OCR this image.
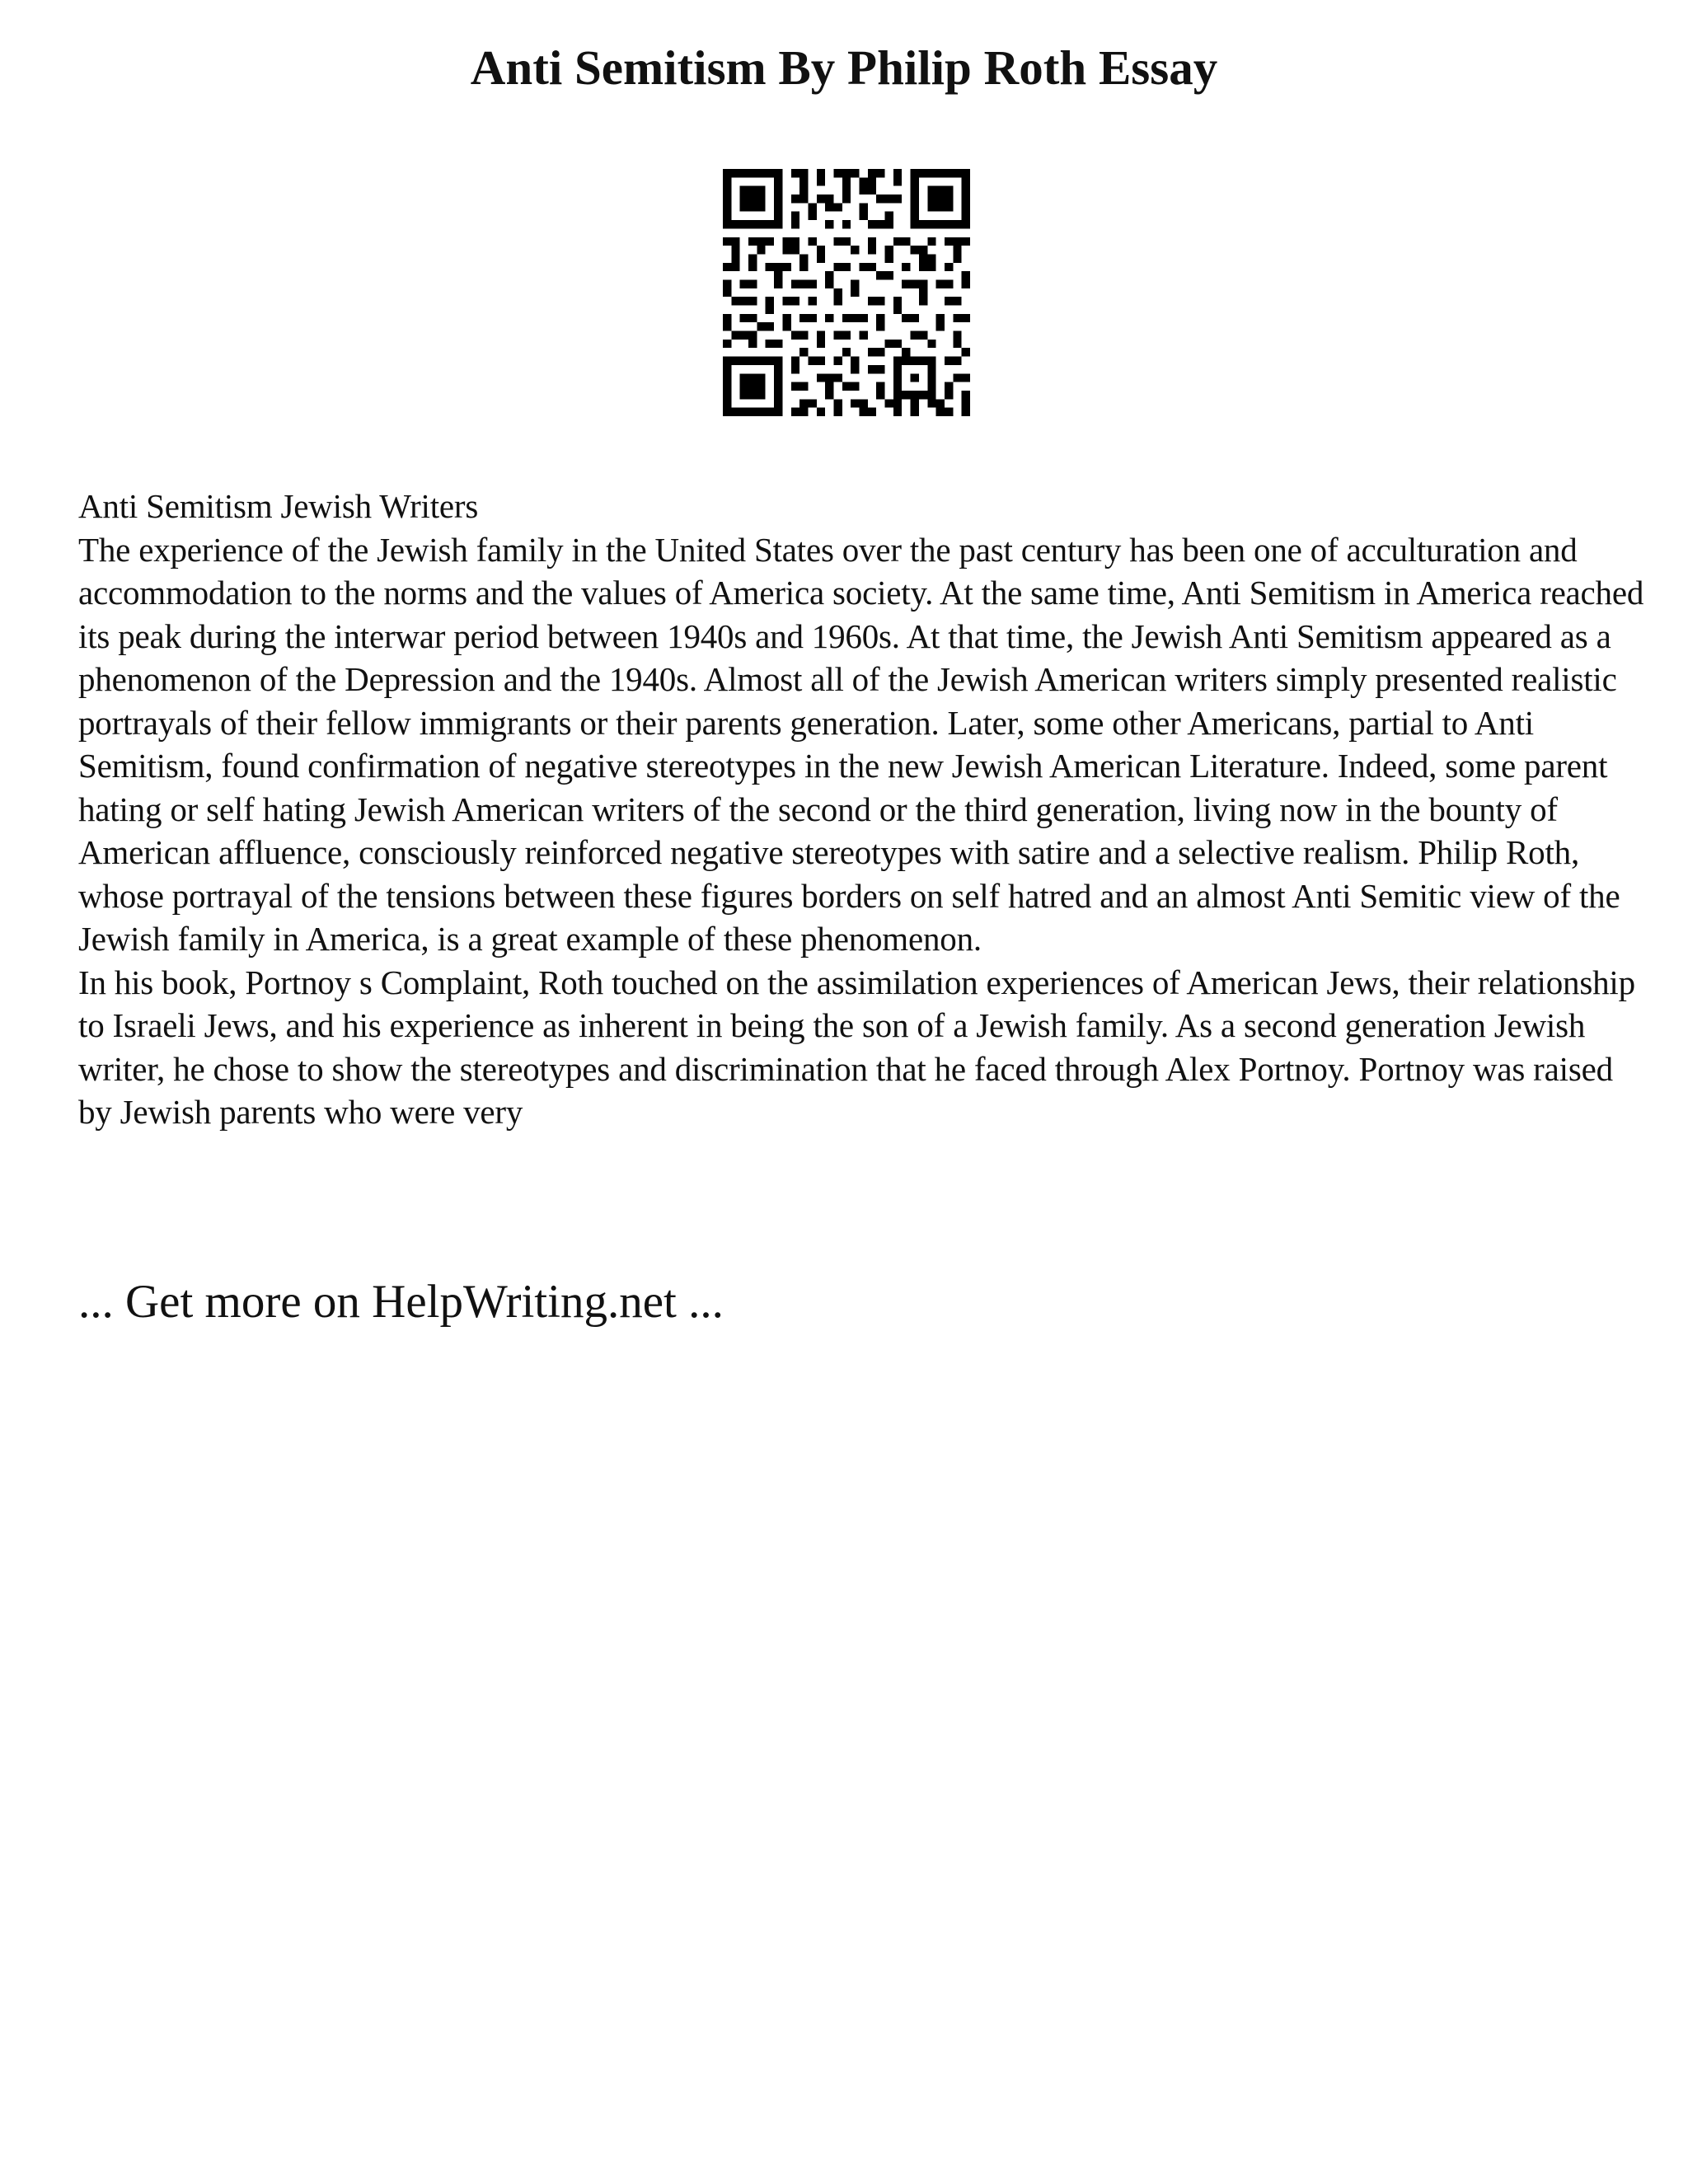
Anti Semitism By Philip Roth Essay

Anti Semitism Jewish Writers

The experience of the Jewish family in the United States over the past century has been one of acculturation and accommodation to the norms and the values of America society. At the same time, Anti Semitism in America reached its peak during the interwar period between 1940s and 1960s. At that time, the Jewish Anti Semitism appeared as a phenomenon of the Depression and the 1940s. Almost all of the Jewish American writers simply presented realistic portrayals of their fellow immigrants or their parents generation. Later, some other Americans, partial to Anti Semitism, found confirmation of negative stereotypes in the new Jewish American Literature. Indeed, some parent hating or self hating Jewish American writers of the second or the third generation, living now in the bounty of American affluence, consciously reinforced negative stereotypes with satire and a selective realism. Philip Roth, whose portrayal of the tensions between these figures borders on self hatred and an almost Anti Semitic view of the Jewish family in America, is a great example of these phenomenon.

In his book, Portnoy s Complaint, Roth touched on the assimilation experiences of American Jews, their relationship to Israeli Jews, and his experience as inherent in being the son of a Jewish family. As a second generation Jewish writer, he chose to show the stereotypes and discrimination that he faced through Alex Portnoy. Portnoy was raised by Jewish parents who were very

... Get more on HelpWriting.net ...
